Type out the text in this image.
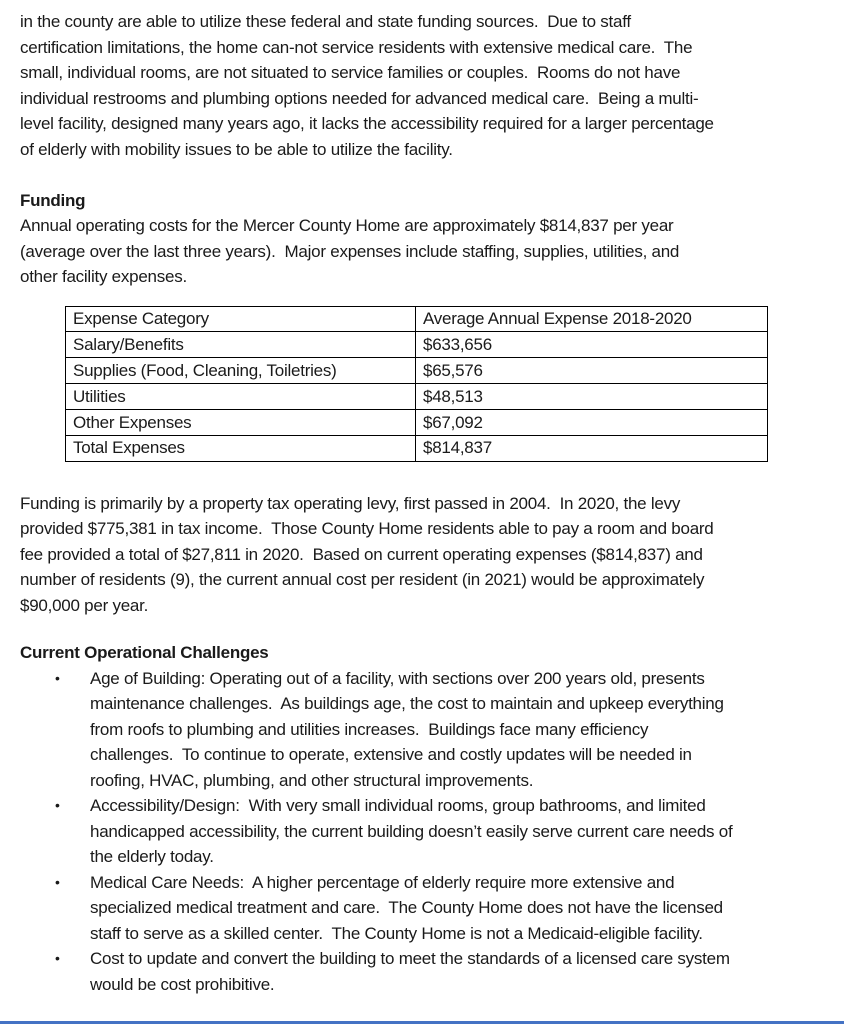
in the county are able to utilize these federal and state funding sources.  Due to staff
certification limitations, the home can-not service residents with extensive medical care.  The
small, individual rooms, are not situated to service families or couples.  Rooms do not have
individual restrooms and plumbing options needed for advanced medical care.  Being a multi-
level facility, designed many years ago, it lacks the accessibility required for a larger percentage
of elderly with mobility issues to be able to utilize the facility.
Funding
Annual operating costs for the Mercer County Home are approximately $814,837 per year
(average over the last three years).  Major expenses include staffing, supplies, utilities, and
other facility expenses.
Expense Category	Average Annual Expense 2018-2020
Salary/Benefits	$633,656
Supplies (Food, Cleaning, Toiletries)	$65,576
Utilities	$48,513
Other Expenses	$67,092
Total Expenses	$814,837
Funding is primarily by a property tax operating levy, first passed in 2004.  In 2020, the levy
provided $775,381 in tax income.  Those County Home residents able to pay a room and board
fee provided a total of $27,811 in 2020.  Based on current operating expenses ($814,837) and
number of residents (9), the current annual cost per resident (in 2021) would be approximately
$90,000 per year.
Current Operational Challenges
•	Age of Building: Operating out of a facility, with sections over 200 years old, presents
maintenance challenges.  As buildings age, the cost to maintain and upkeep everything
from roofs to plumbing and utilities increases.  Buildings face many efficiency
challenges.  To continue to operate, extensive and costly updates will be needed in
roofing, HVAC, plumbing, and other structural improvements.
•	Accessibility/Design:  With very small individual rooms, group bathrooms, and limited
handicapped accessibility, the current building doesn’t easily serve current care needs of
the elderly today.
•	Medical Care Needs:  A higher percentage of elderly require more extensive and
specialized medical treatment and care.  The County Home does not have the licensed
staff to serve as a skilled center.  The County Home is not a Medicaid-eligible facility.
•	Cost to update and convert the building to meet the standards of a licensed care system
would be cost prohibitive.
